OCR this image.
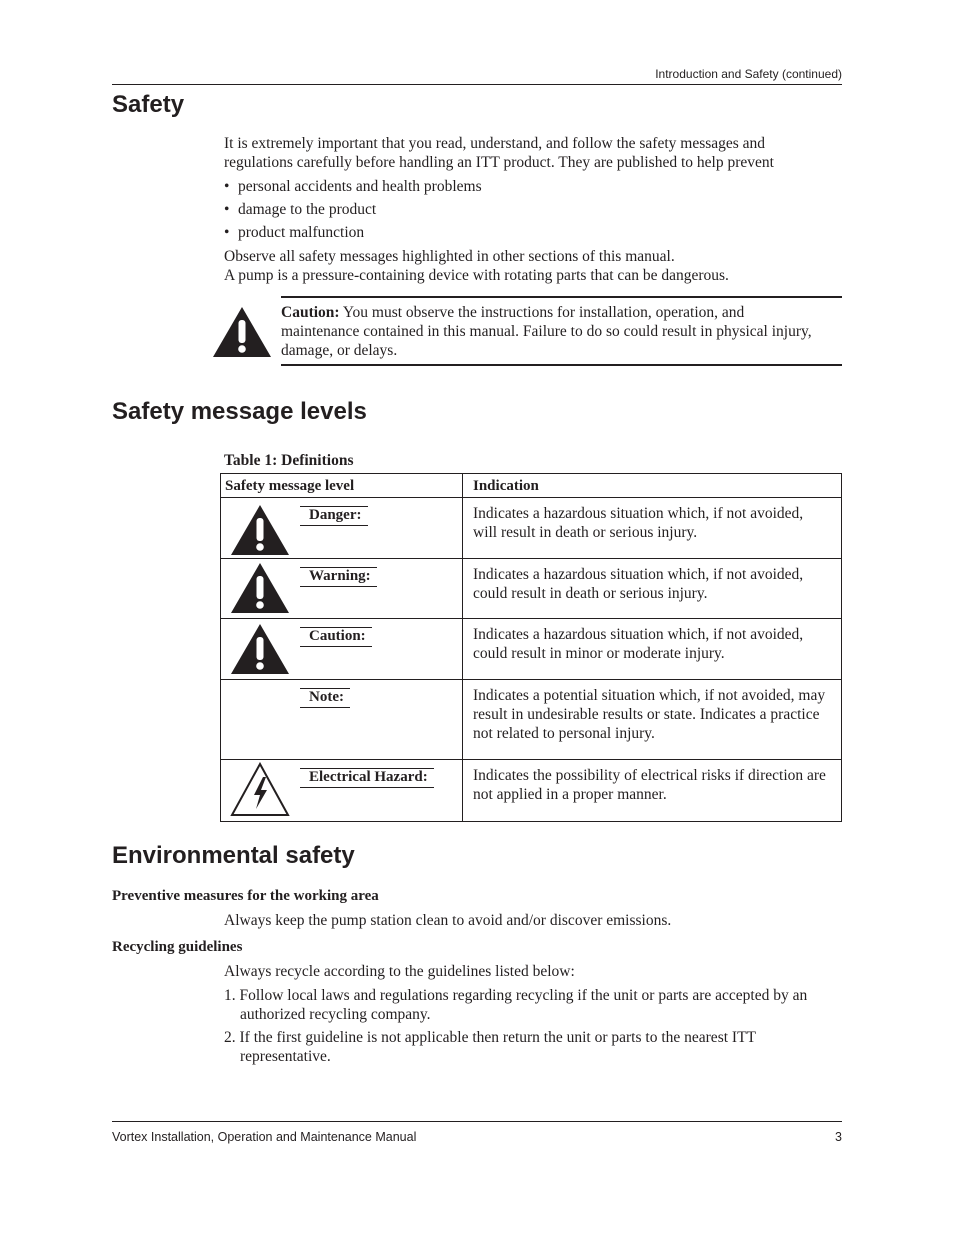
Introduction and Safety (continued)
Safety

It is extremely important that you read, understand, and follow the safety messages and regulations carefully before handling an ITT product. They are published to help prevent

• personal accidents and health problems
• damage to the product
• product malfunction

Observe all safety messages highlighted in other sections of this manual.

A pump is a pressure-containing device with rotating parts that can be dangerous.

Caution: You must observe the instructions for installation, operation, and maintenance contained in this manual. Failure to do so could result in physical injury, damage, or delays.
Safety message levels
Table 1: Definitions
Safety message level	Indication
Danger:	Indicates a hazardous situation which, if not avoided, will result in death or serious injury.
Warning:	Indicates a hazardous situation which, if not avoided, could result in death or serious injury.
Caution:	Indicates a hazardous situation which, if not avoided, could result in minor or moderate injury.
Note:	Indicates a potential situation which, if not avoided, may result in undesirable results or state. Indicates a practice not related to personal injury.
Electrical Hazard:	Indicates the possibility of electrical risks if direction are not applied in a proper manner.
Environmental safety
Preventive measures for the working area
Always keep the pump station clean to avoid and/or discover emissions.
Recycling guidelines
Always recycle according to the guidelines listed below:

1. Follow local laws and regulations regarding recycling if the unit or parts are accepted by an authorized recycling company.

2. If the first guideline is not applicable then return the unit or parts to the nearest ITT representative.

Vortex Installation, Operation and Maintenance Manual	3
